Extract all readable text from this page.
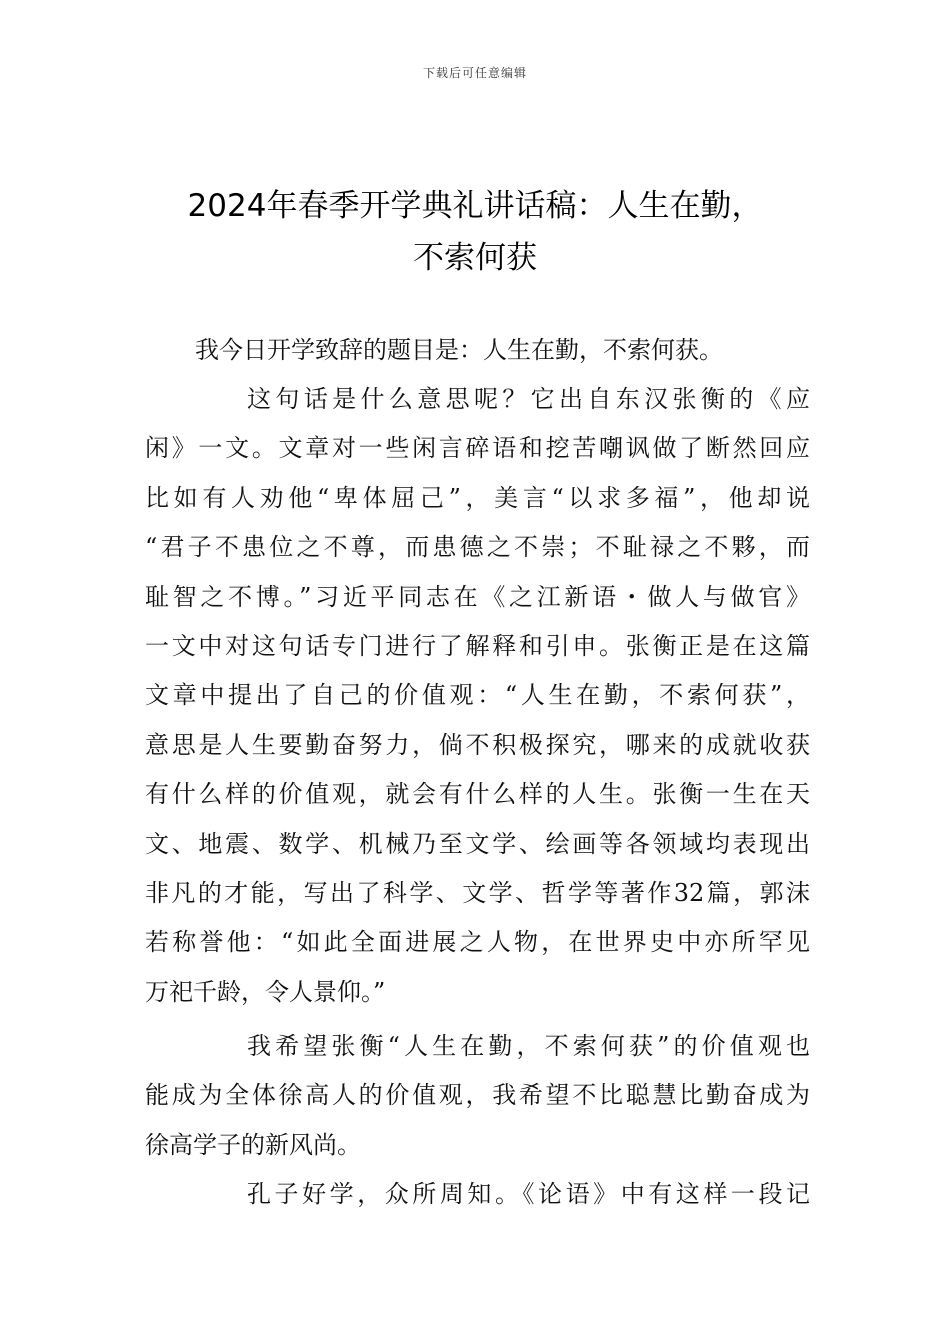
下载后可任意编辑
2024年春季开学典礼讲话稿：人生在勤，
不索何获
我今日开学致辞的题目是：人生在勤，不索何获。
这句话是什么意思呢？它出自东汉张衡的《应
闲》一文。文章对一些闲言碎语和挖苦嘲讽做了断然回应
比如有人劝他“卑体屈己”，美言“以求多福”，他却说
“君子不患位之不尊，而患德之不崇；不耻禄之不夥，而
耻智之不博。”习近平同志在《之江新语・做人与做官》
一文中对这句话专门进行了解释和引申。张衡正是在这篇
文章中提出了自己的价值观：“人生在勤，不索何获”，
意思是人生要勤奋努力，倘不积极探究，哪来的成就收获
有什么样的价值观，就会有什么样的人生。张衡一生在天
文、地震、数学、机械乃至文学、绘画等各领域均表现出
非凡的才能，写出了科学、文学、哲学等著作32篇，郭沫
若称誉他：“如此全面进展之人物，在世界史中亦所罕见
万祀千龄，令人景仰。”
我希望张衡“人生在勤，不索何获”的价值观也
能成为全体徐高人的价值观，我希望不比聪慧比勤奋成为
徐高学子的新风尚。
孔子好学，众所周知。《论语》中有这样一段记
